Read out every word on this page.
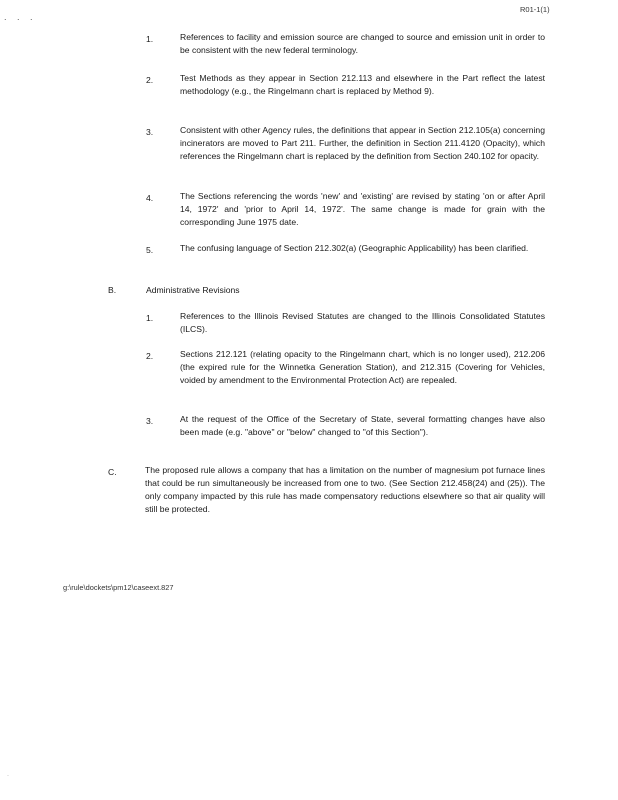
. . .
R01-1(1)
1.	References to facility and emission source are changed to source and emission unit in order to be consistent with the new federal terminology.
2.	Test Methods as they appear in Section 212.113 and elsewhere in the Part reflect the latest methodology (e.g., the Ringelmann chart is replaced by Method 9).
3.	Consistent with other Agency rules, the definitions that appear in Section 212.105(a) concerning incinerators are moved to Part 211. Further, the definition in Section 211.4120 (Opacity), which references the Ringelmann chart is replaced by the definition from Section 240.102 for opacity.
4.	The Sections referencing the words 'new' and 'existing' are revised by stating 'on or after April 14, 1972' and 'prior to April 14, 1972'. The same change is made for grain with the corresponding June 1975 date.
5.	The confusing language of Section 212.302(a) (Geographic Applicability) has been clarified.
B.	Administrative Revisions
1.	References to the Illinois Revised Statutes are changed to the Illinois Consolidated Statutes (ILCS).
2.	Sections 212.121 (relating opacity to the Ringelmann chart, which is no longer used), 212.206 (the expired rule for the Winnetka Generation Station), and 212.315 (Covering for Vehicles, voided by amendment to the Environmental Protection Act) are repealed.
3.	At the request of the Office of the Secretary of State, several formatting changes have also been made (e.g. "above" or "below" changed to "of this Section").
C.	The proposed rule allows a company that has a limitation on the number of magnesium pot furnace lines that could be run simultaneously be increased from one to two. (See Section 212.458(24) and (25)). The only company impacted by this rule has made compensatory reductions elsewhere so that air quality will still be protected.
g:\rule\dockets\pm12\caseext.827
·
